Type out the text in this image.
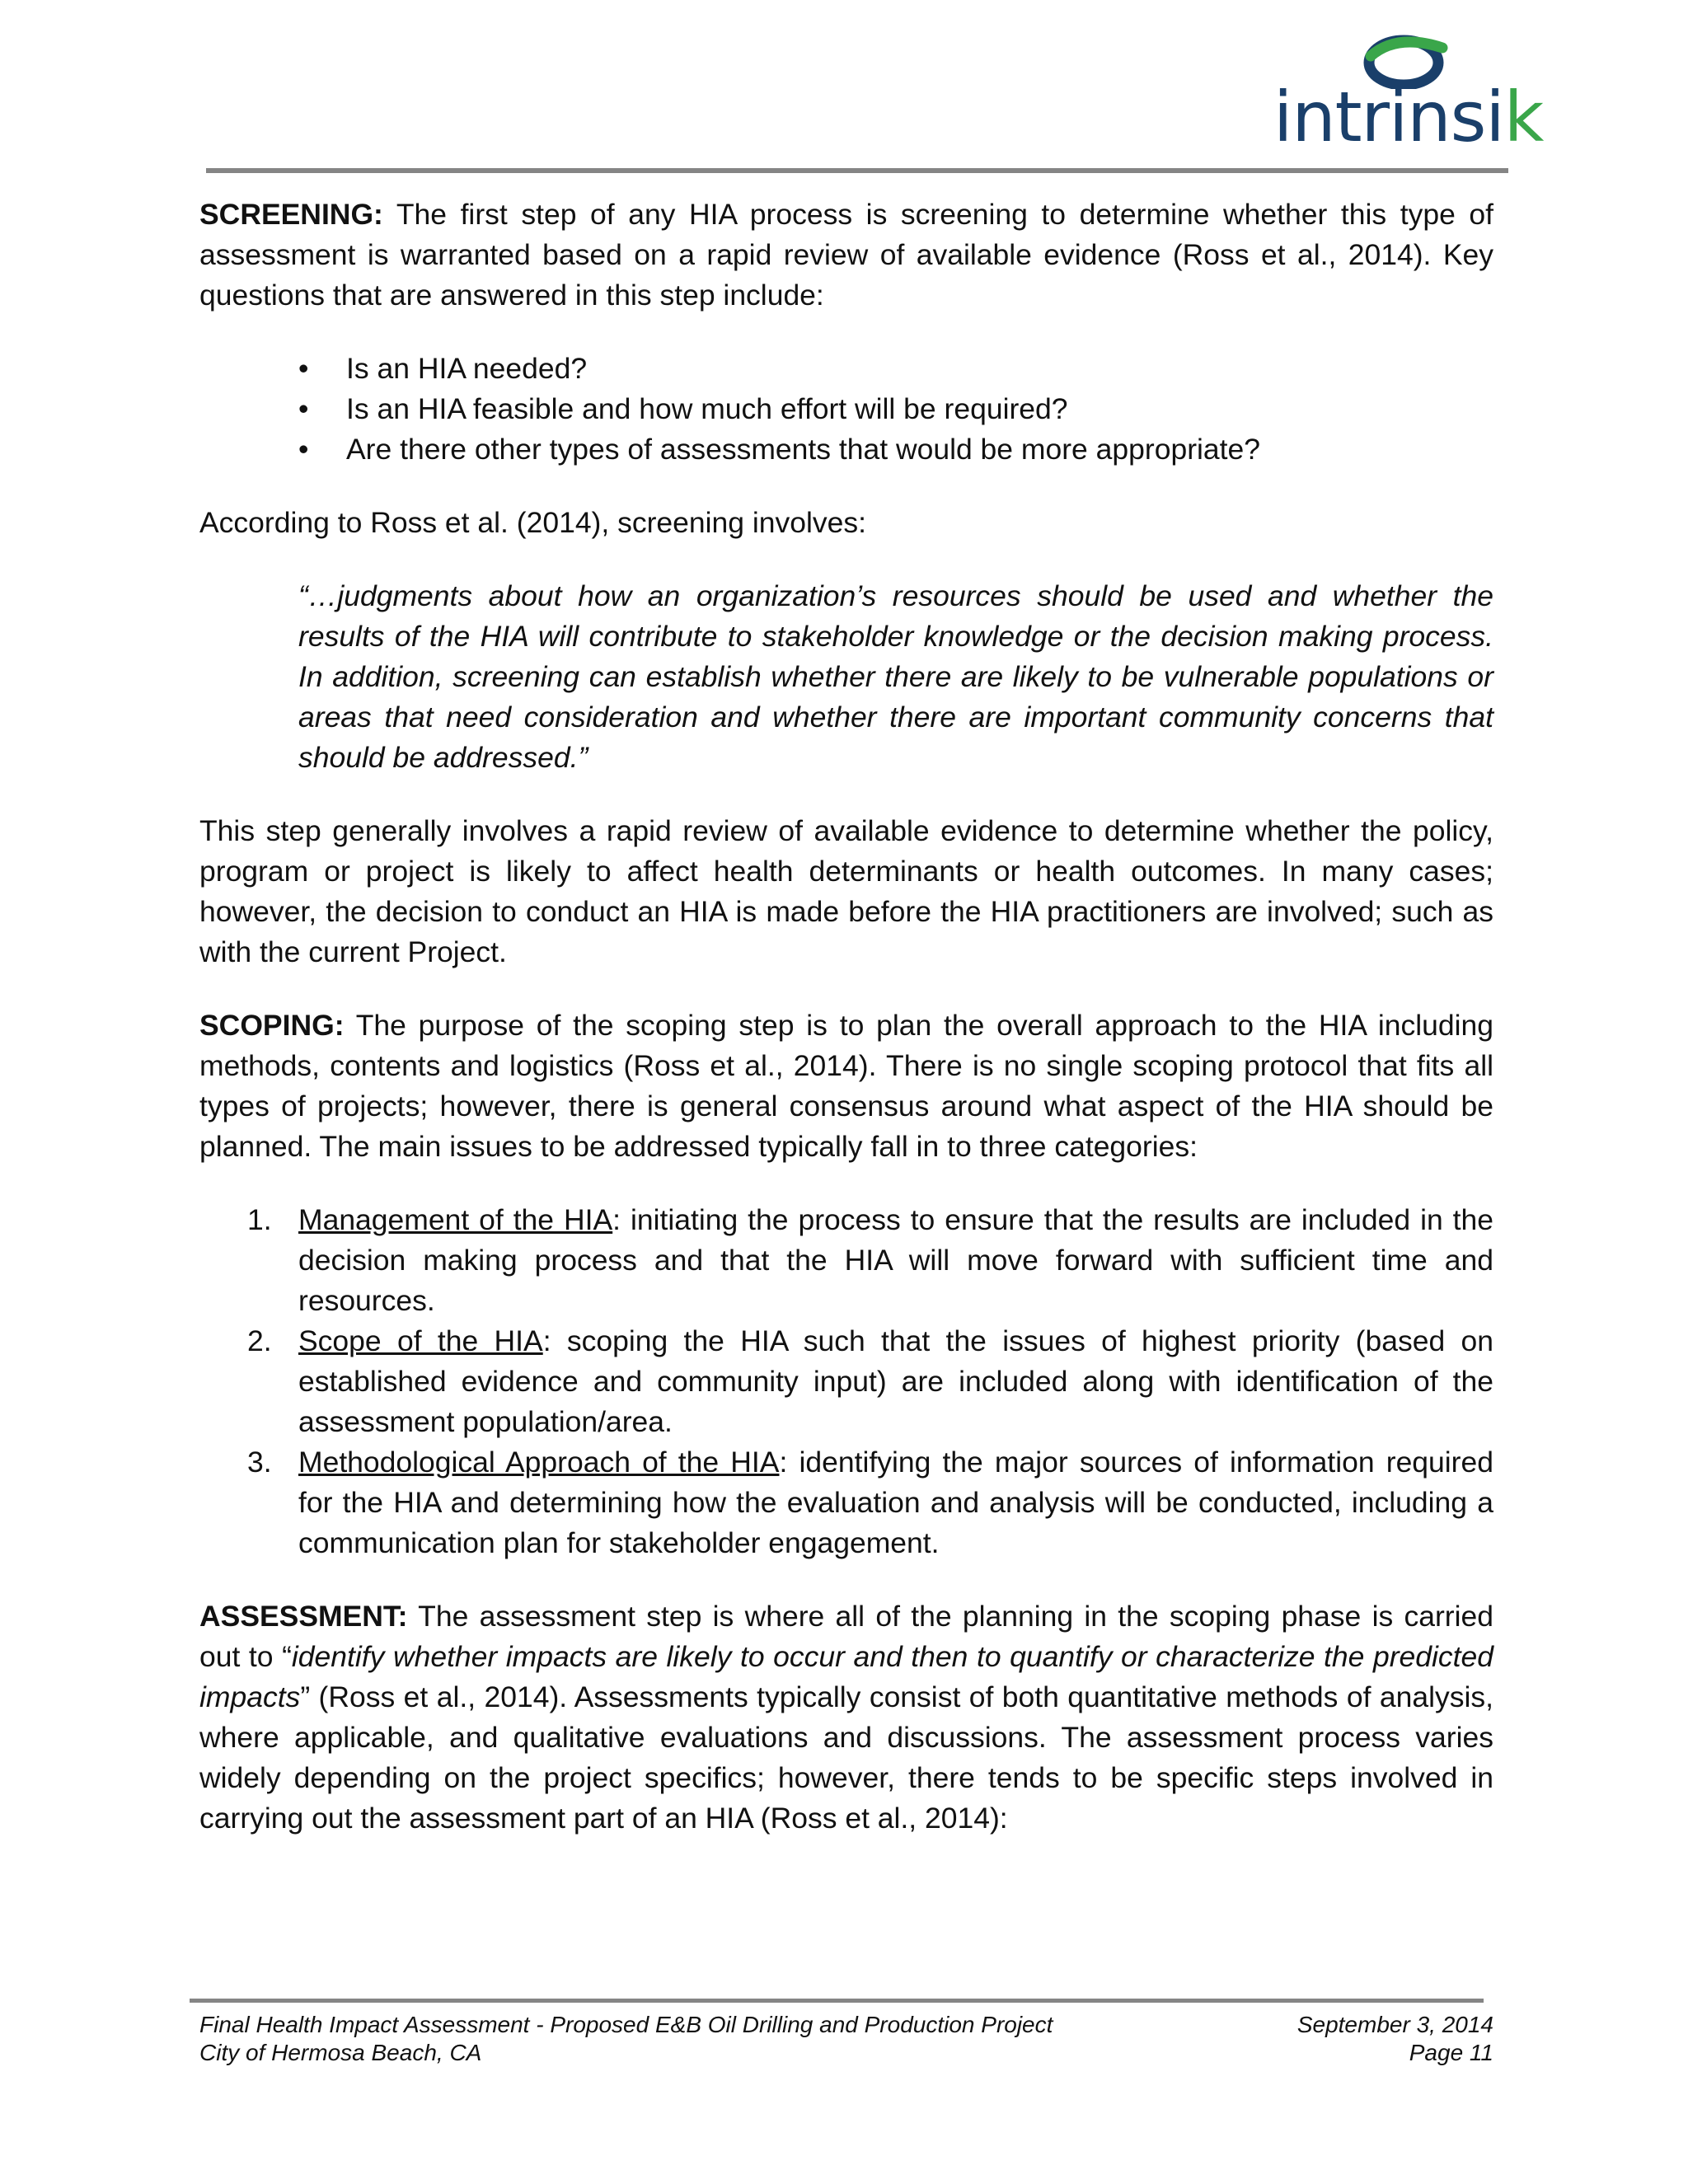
intrinsik

SCREENING: The first step of any HIA process is screening to determine whether this type of assessment is warranted based on a rapid review of available evidence (Ross et al., 2014). Key questions that are answered in this step include:

• Is an HIA needed?
• Is an HIA feasible and how much effort will be required?
• Are there other types of assessments that would be more appropriate?

According to Ross et al. (2014), screening involves:

“…judgments about how an organization’s resources should be used and whether the results of the HIA will contribute to stakeholder knowledge or the decision making process. In addition, screening can establish whether there are likely to be vulnerable populations or areas that need consideration and whether there are important community concerns that should be addressed.”

This step generally involves a rapid review of available evidence to determine whether the policy, program or project is likely to affect health determinants or health outcomes. In many cases; however, the decision to conduct an HIA is made before the HIA practitioners are involved; such as with the current Project.

SCOPING: The purpose of the scoping step is to plan the overall approach to the HIA including methods, contents and logistics (Ross et al., 2014). There is no single scoping protocol that fits all types of projects; however, there is general consensus around what aspect of the HIA should be planned. The main issues to be addressed typically fall in to three categories:

1. Management of the HIA: initiating the process to ensure that the results are included in the decision making process and that the HIA will move forward with sufficient time and resources.
2. Scope of the HIA: scoping the HIA such that the issues of highest priority (based on established evidence and community input) are included along with identification of the assessment population/area.
3. Methodological Approach of the HIA: identifying the major sources of information required for the HIA and determining how the evaluation and analysis will be conducted, including a communication plan for stakeholder engagement.

ASSESSMENT: The assessment step is where all of the planning in the scoping phase is carried out to “identify whether impacts are likely to occur and then to quantify or characterize the predicted impacts” (Ross et al., 2014). Assessments typically consist of both quantitative methods of analysis, where applicable, and qualitative evaluations and discussions. The assessment process varies widely depending on the project specifics; however, there tends to be specific steps involved in carrying out the assessment part of an HIA (Ross et al., 2014):

Final Health Impact Assessment - Proposed E&B Oil Drilling and Production Project	September 3, 2014
City of Hermosa Beach, CA	Page 11
